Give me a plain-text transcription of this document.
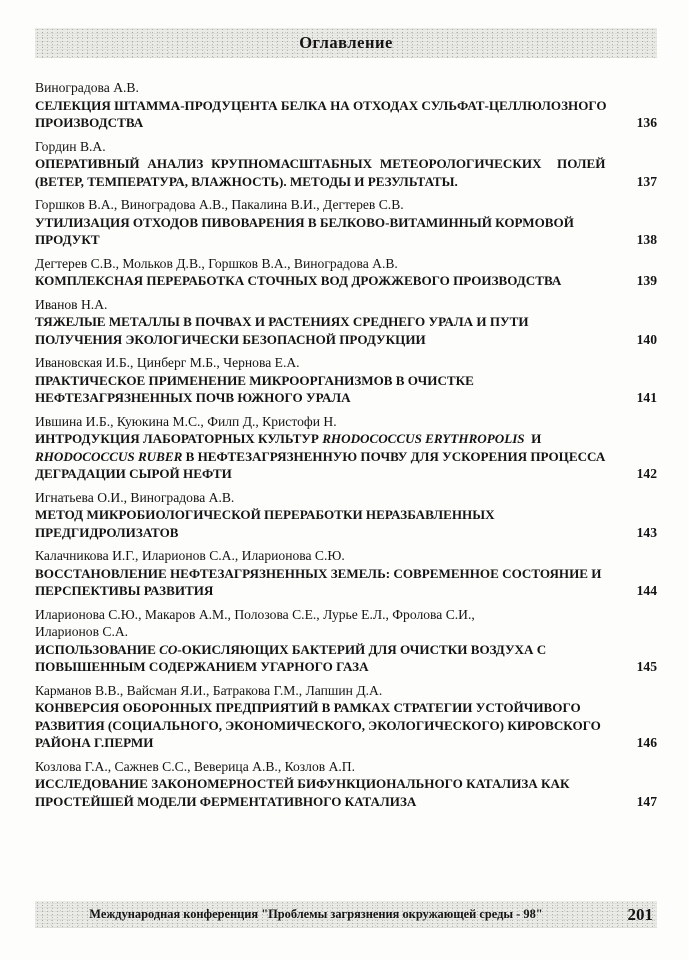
Оглавление
Виноградова А.В.
СЕЛЕКЦИЯ ШТАММА-ПРОДУЦЕНТА БЕЛКА НА ОТХОДАХ СУЛЬФАТ-ЦЕЛЛЮЛОЗНОГО
ПРОИЗВОДСТВА	136
Гордин В.А.
ОПЕРАТИВНЫЙ АНАЛИЗ КРУПНОМАСШТАБНЫХ МЕТЕОРОЛОГИЧЕСКИХ  ПОЛЕЙ
(ВЕТЕР, ТЕМПЕРАТУРА, ВЛАЖНОСТЬ). МЕТОДЫ И РЕЗУЛЬТАТЫ.	137
Горшков В.А., Виноградова А.В., Пакалина В.И., Дегтерев С.В.
УТИЛИЗАЦИЯ ОТХОДОВ ПИВОВАРЕНИЯ В БЕЛКОВО-ВИТАМИННЫЙ КОРМОВОЙ
ПРОДУКТ	138
Дегтерев С.В., Мольков Д.В., Горшков В.А., Виноградова А.В.
КОМПЛЕКСНАЯ ПЕРЕРАБОТКА СТОЧНЫХ ВОД ДРОЖЖЕВОГО ПРОИЗВОДСТВА	139
Иванов Н.А.
ТЯЖЕЛЫЕ МЕТАЛЛЫ В ПОЧВАХ И РАСТЕНИЯХ СРЕДНЕГО УРАЛА И ПУТИ
ПОЛУЧЕНИЯ ЭКОЛОГИЧЕСКИ БЕЗОПАСНОЙ ПРОДУКЦИИ	140
Ивановская И.Б., Цинберг М.Б., Чернова Е.А.
ПРАКТИЧЕСКОЕ ПРИМЕНЕНИЕ МИКРООРГАНИЗМОВ В ОЧИСТКЕ
НЕФТЕЗАГРЯЗНЕННЫХ ПОЧВ ЮЖНОГО УРАЛА	141
Ившина И.Б., Куюкина М.С., Филп Д., Кристофи Н.
ИНТРОДУКЦИЯ ЛАБОРАТОРНЫХ КУЛЬТУР RHODOCOCCUS ERYTHROPOLIS  И
RHODOCOCCUS RUBER В НЕФТЕЗАГРЯЗНЕННУЮ ПОЧВУ ДЛЯ УСКОРЕНИЯ ПРОЦЕССА
ДЕГРАДАЦИИ СЫРОЙ НЕФТИ	142
Игнатьева О.И., Виноградова А.В.
МЕТОД МИКРОБИОЛОГИЧЕСКОЙ ПЕРЕРАБОТКИ НЕРАЗБАВЛЕННЫХ
ПРЕДГИДРОЛИЗАТОВ	143
Калачникова И.Г., Иларионов С.А., Иларионова С.Ю.
ВОССТАНОВЛЕНИЕ НЕФТЕЗАГРЯЗНЕННЫХ ЗЕМЕЛЬ: СОВРЕМЕННОЕ СОСТОЯНИЕ И
ПЕРСПЕКТИВЫ РАЗВИТИЯ	144
Иларионова С.Ю., Макаров А.М., Полозова С.Е., Лурье Е.Л., Фролова С.И.,
Иларионов С.А.
ИСПОЛЬЗОВАНИЕ СО-ОКИСЛЯЮЩИХ БАКТЕРИЙ ДЛЯ ОЧИСТКИ ВОЗДУХА С
ПОВЫШЕННЫМ СОДЕРЖАНИЕМ УГАРНОГО ГАЗА	145
Карманов В.В., Вайсман Я.И., Батракова Г.М., Лапшин Д.А.
КОНВЕРСИЯ ОБОРОННЫХ ПРЕДПРИЯТИЙ В РАМКАХ СТРАТЕГИИ УСТОЙЧИВОГО
РАЗВИТИЯ (СОЦИАЛЬНОГО, ЭКОНОМИЧЕСКОГО, ЭКОЛОГИЧЕСКОГО) КИРОВСКОГО
РАЙОНА Г.ПЕРМИ	146
Козлова Г.А., Сажнев С.С., Веверица А.В., Козлов А.П.
ИССЛЕДОВАНИЕ ЗАКОНОМЕРНОСТЕЙ БИФУНКЦИОНАЛЬНОГО КАТАЛИЗА КАК
ПРОСТЕЙШЕЙ МОДЕЛИ ФЕРМЕНТАТИВНОГО КАТАЛИЗА	147
Международная конференция "Проблемы загрязнения окружающей среды - 98"	201
